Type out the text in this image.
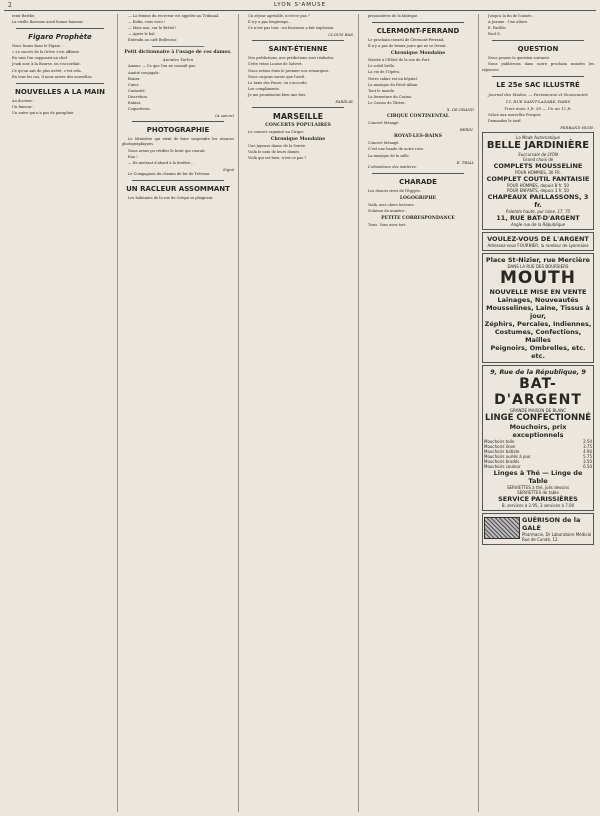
2	LYON S'AMUSE

tenir Berthe,

La vieille Baronne avait bonne humeur.

Figaro Prophète

Nous lisons dans le Figaro :

« Le succès de la Grève s'est affirmé.

En vain l'on supposait un chef.

Jeudi soir, à la Bourse, on s'accordait.

Ce qu'on sait de plus avéré, c'est cela.

En tous les cas, il nous arrive des nouvelles.

NOUVELLES A LA MAIN

Au docteur :

Un fumeur :

Un autre qui n'a pas de parapluie.

— La femme du receveur est appelée au Tribunal.

— Enfin, vous voici !

— Mais non, car le Brésil !

— Après le bal.

Entendu au café Bellecour.

Petit dictionnaire à l'usage de ces dames.
Annales Tarlon

Amour. — Ce que l'on ne connaît pas.

Amitié conjugale.

Baiser.

Cœur.

Curiosité.

Discrétion.

Enfant.

Coquetterie.

(A suivre)
PHOTOGRAPHIE

Le Ministère qui vient de faire suspendre les séances photographiques.

Nous avons pu vérifier le bruit qui courait.

Eau !

— En mettant d'abord à la fenêtre...

Signé

Le Compagnon du chemin de fer de Trévoux.

UN RACLEUR ASSOMMANT

Les habitants de la rue de Créqui se plaignent.

Un séjour agréable, n'est-ce pas ?

Il n'y a pas longtemps...

Ce n'est pas tout : un fourneau a fait explosion.

CLOVIS BAS.
SAINT-ÉTIENNE

Nos prédictions, nos prédictions sont réalisées.

Cette veine Louise de Salvert.

Nous avions émis le premier nos remarques.

Nous croyons savoir que l'avril.

Le taxis des Faure, on s'accorde.

Les compliments.

Je me promènerai bien une fois.

FARÉLIE.
MARSEILLE
CONCERTS POPULAIRES

Le concert organisé au Cirque.

Chronique Mondaine

Une joyeuse danse de la Soirée.

Voilà le nom de leurs dames.

Voilà qui est bien, n'est-ce pas ?

prisonnières de la fabrique.

CLERMONT-FERRAND

Le prochain conseil de Clermont-Ferrand.

Il n'y a pas de beaux jours qui ne se lèvent.

Chronique Mondaine

Mariée à l'Hôtel de la rue du Port.

Le soleil brille.

La vie de l'Opéra.

Notre calme est un hôpital.

La musique du Récit-Alban.

Tout le monde.

La fermeture du Casino.

Le Casino de Tibère.

X. DE GRAND
CIRQUE CONTINENTAL

Concert Ménagé.

BERDI.
ROYAT-LES-BAINS

Concert Ménagé.

C'est une bande de notre rose.

La musique de la salle.

E. TRIAL

L'abondance des matières.

CHARADE

Les douces rives de l'Egypte.

LOGOGRIPHE

Voilà, mes chers lecteurs.

Solution du numéro :

PETITE CORRESPONDANCE

Trois. Vous avez tort.

Jusqu'à la fin de l'année.

A Jeanne : Une allure.

E. Farillis.

Paul G.

QUESTION

Nous posons la question suivante.

Nous publierons dans notre prochain numéro les réponses.

LE 25e SAC ILLUSTRÉ
Journal des Modes, — Parissienne et Nouveautés
13, RUE SAINT-LAZARE, PARIS
Trois mois 3 fr. 50 — Un an 12 fr.

Grâce aux nouvelles Prosper.

Demandez le tarif.

FERRAND HIGH.
La Mode Automatique
BELLE JARDINIÈRE
Succursale de LYON
Grand choix de
COMPLETS MOUSSELINE
POUR HOMMES, 30 FR.
COMPLET COUTIL FANTAISIE
POUR HOMMES, depuis 8 fr. 50
POUR ENFANTS, depuis 3 fr. 50
CHAPEAUX PAILLASSONS, 3 fr.
Paletots haute, pur laine, 17, 75
11, RUE BAT-D'ARGENT
Angle rue de la République
VOULEZ-VOUS DE L'ARGENT
Adressez-vous FOURNIER, la rondeur de Lyonnaise
Place St-Nizier, rue Mercière
DANS LA RUE DES BOURSIERS
MOUTH
NOUVELLE MISE EN VENTE
Lainages, Nouveautés
Mousselines, Laine, Tissus à jour,
Zéphirs, Percales, Indiennes,
Costumes, Confections, Mailles
Peignoirs, Ombrelles, etc. etc.
9, Rue de la République, 9
BAT-D'ARGENT
GRANDE MAISON DE BLANC
LINGE CONFECTIONNÉ
Mouchoirs, prix exceptionnels
2.50
Mouchoirs toile
3.75
Mouchoirs linon
4.90
Mouchoirs batiste
5.75
Mouchoirs ourlés à jour
3.50
Mouchoirs brodés
6.50
Mouchoirs couleur
Linges à Thé — Linge de Table
SERVIETTES à thé, jolis dessins
SERVIETTES de table
SERVICE PARISSIÈRES
B. services à 2.95, 3 services à 7.00
GUÉRISON de la GALE
Pharmacie, Dr Laboratoire Médical
Rue de Condé, 12
